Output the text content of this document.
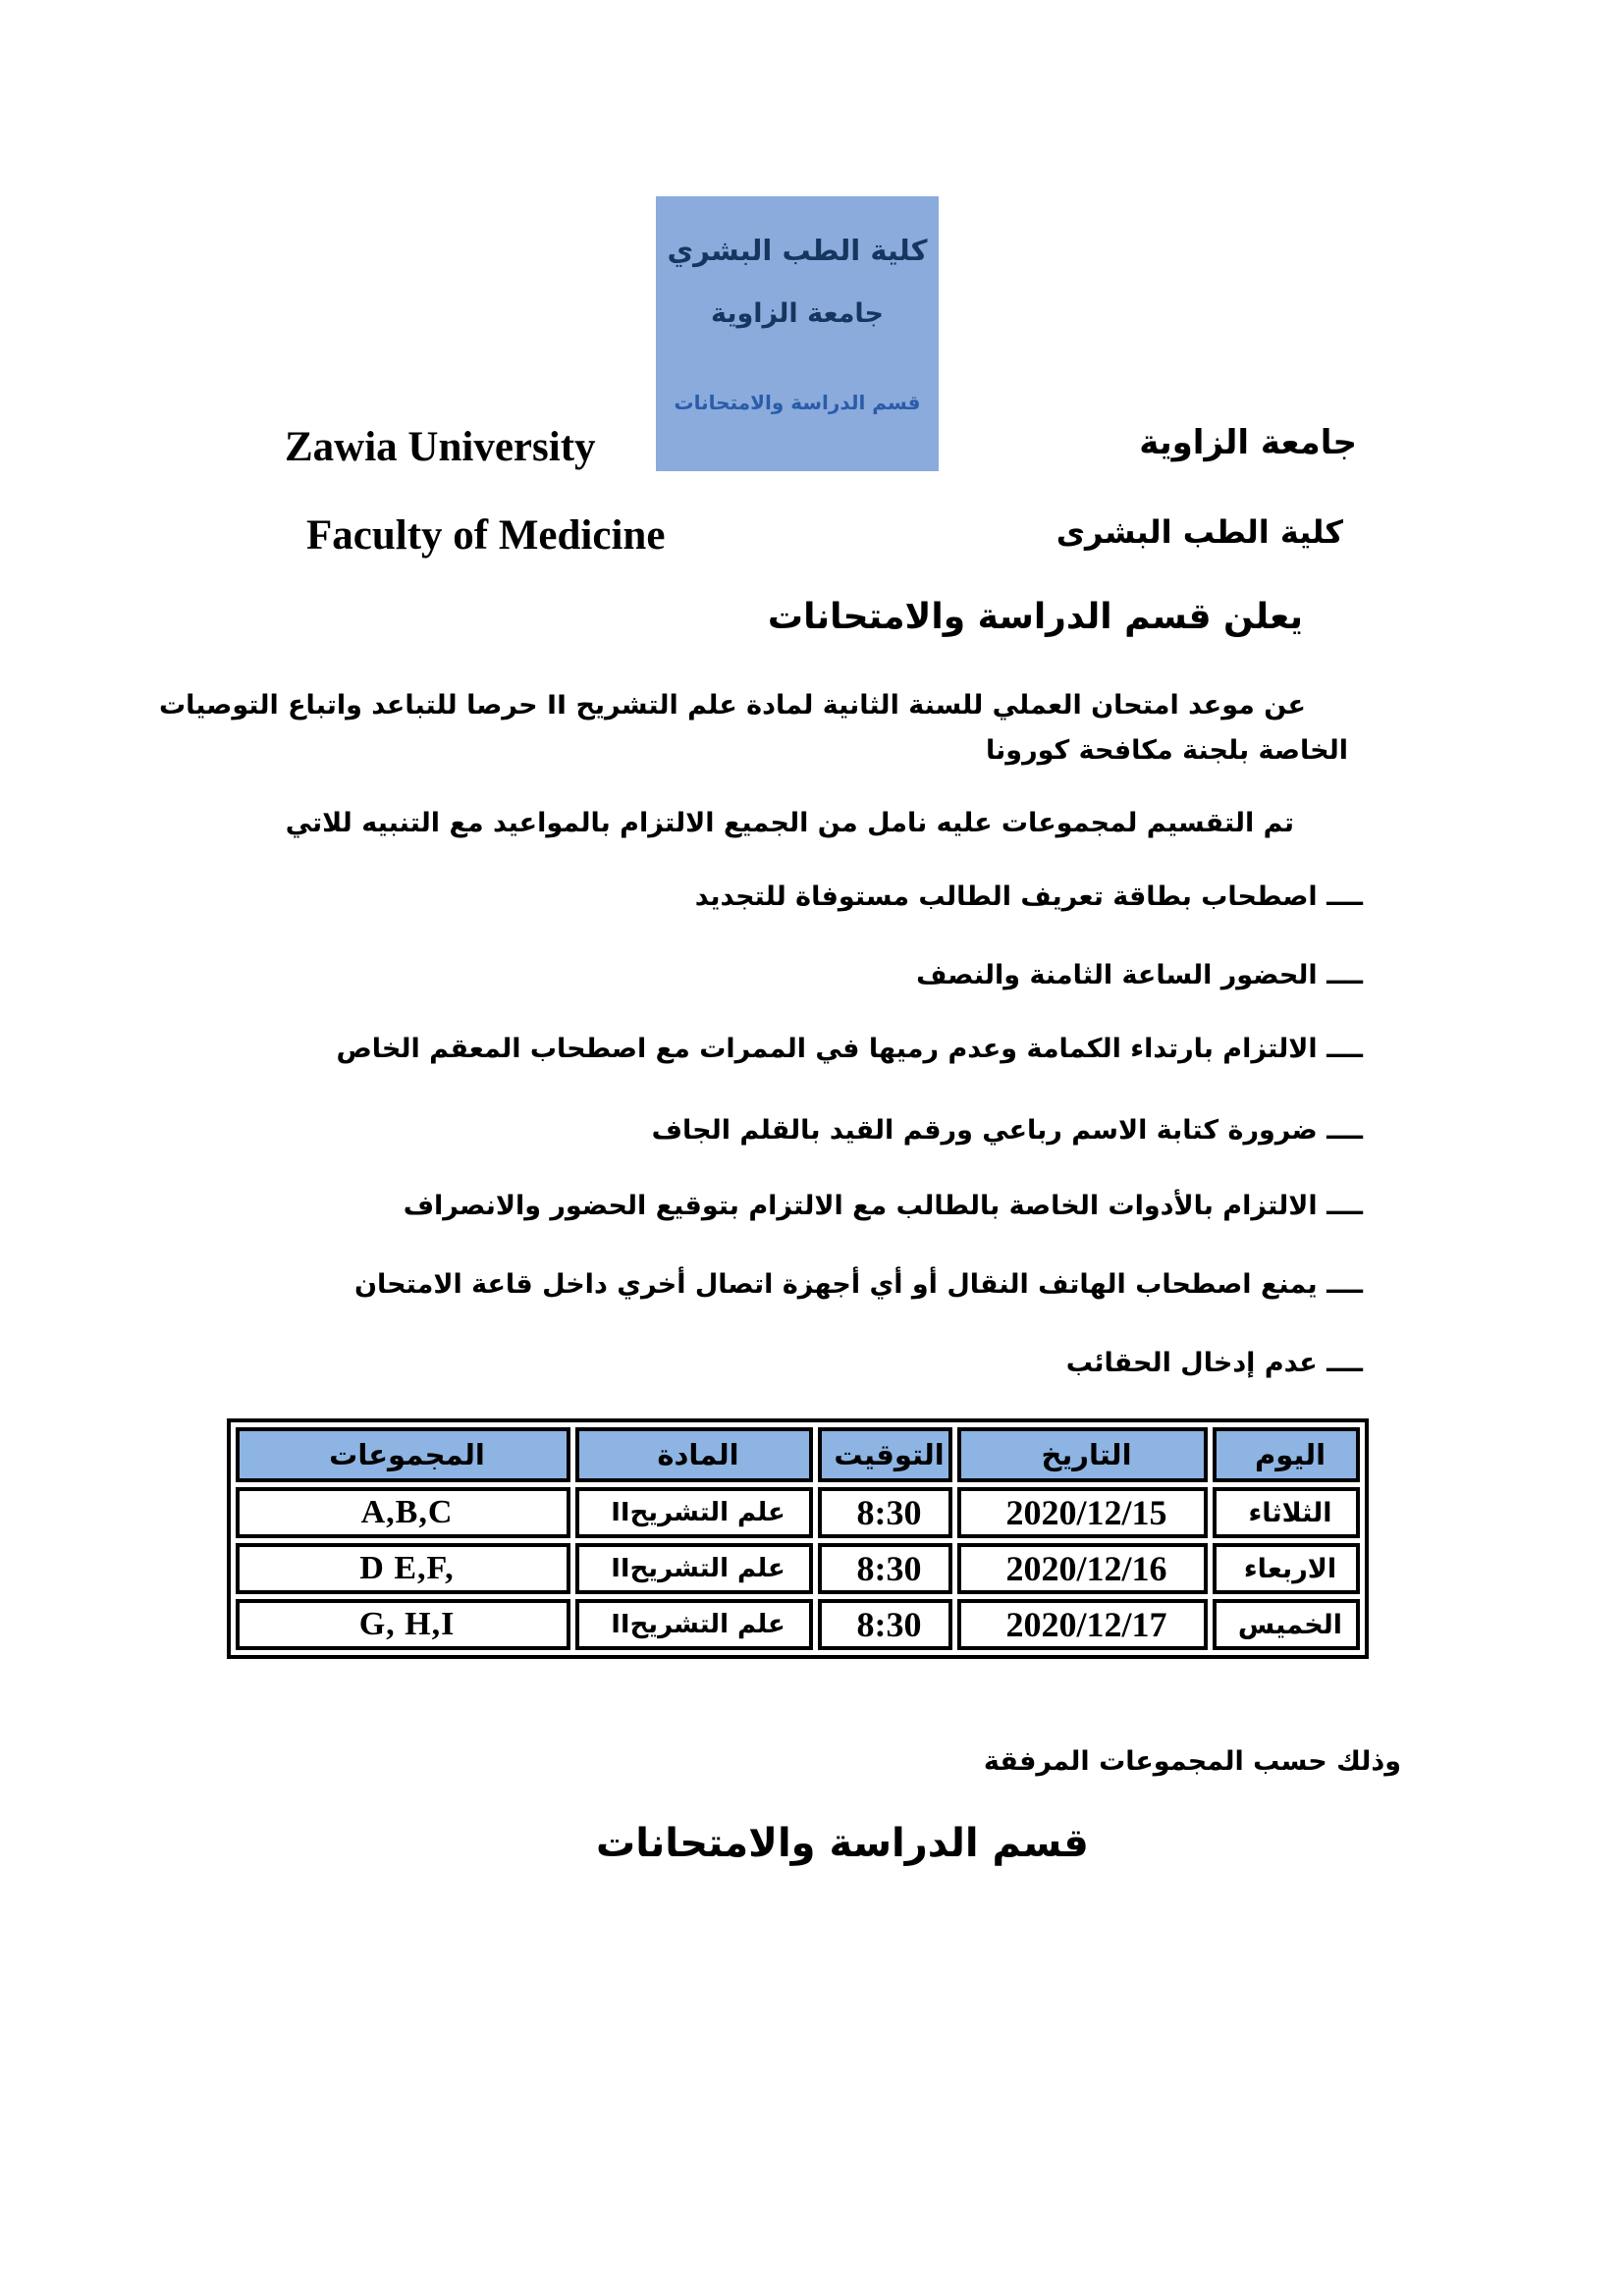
كلية الطب البشري
جامعة الزاوية
قسم الدراسة والامتحانات
Zawia University	جامعة الزاوية
Faculty of Medicine	كلية الطب البشرى
يعلن قسم الدراسة والامتحانات
عن موعد امتحان العملي للسنة الثانية لمادة علم التشريح II حرصا للتباعد واتباع التوصيات
الخاصة بلجنة مكافحة كورونا
تم التقسيم لمجموعات عليه نامل من الجميع الالتزام بالمواعيد مع التنبيه للاتي
ــــ اصطحاب بطاقة تعريف الطالب مستوفاة للتجديد
ــــ الحضور الساعة الثامنة والنصف
ــــ الالتزام بارتداء الكمامة وعدم رميها في الممرات مع اصطحاب المعقم الخاص
ــــ ضرورة كتابة الاسم رباعي ورقم القيد بالقلم الجاف
ــــ الالتزام بالأدوات الخاصة بالطالب مع الالتزام بتوقيع الحضور والانصراف
ــــ يمنع اصطحاب الهاتف النقال أو أي أجهزة اتصال أخري داخل قاعة الامتحان
ــــ عدم إدخال الحقائب
اليوم	التاريخ	التوقيت	المادة	المجموعات
الثلاثاء	2020/12/15	8:30	علم التشريحII	A,B,C
الاربعاء	2020/12/16	8:30	علم التشريحII	D E,F,
الخميس	2020/12/17	8:30	علم التشريحII	G, H,I
وذلك حسب المجموعات المرفقة
قسم الدراسة والامتحانات
